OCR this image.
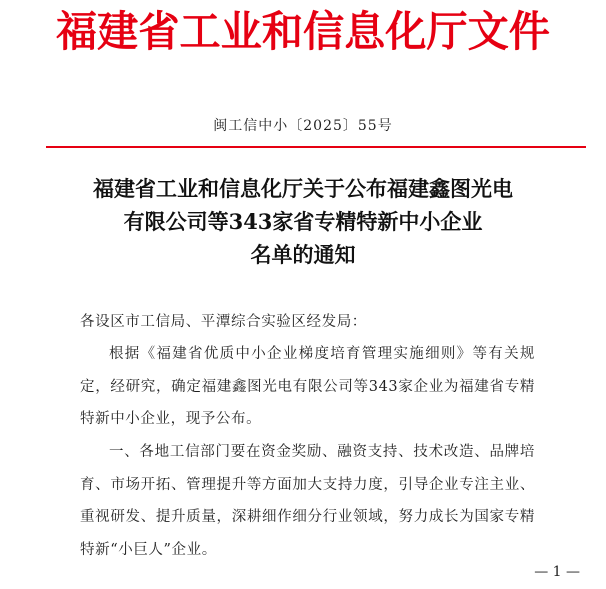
福建省工业和信息化厅文件
闽工信中小〔2025〕55号
福建省工业和信息化厅关于公布福建鑫图光电
有限公司等343家省专精特新中小企业
名单的通知
各设区市工信局、平潭综合实验区经发局：
根据《福建省优质中小企业梯度培育管理实施细则》等有关规定，经研究，确定福建鑫图光电有限公司等343家企业为福建省专精特新中小企业，现予公布。
一、各地工信部门要在资金奖励、融资支持、技术改造、品牌培育、市场开拓、管理提升等方面加大支持力度，引导企业专注主业、重视研发、提升质量，深耕细作细分行业领域，努力成长为国家专精特新“小巨人”企业。
— 1 —
